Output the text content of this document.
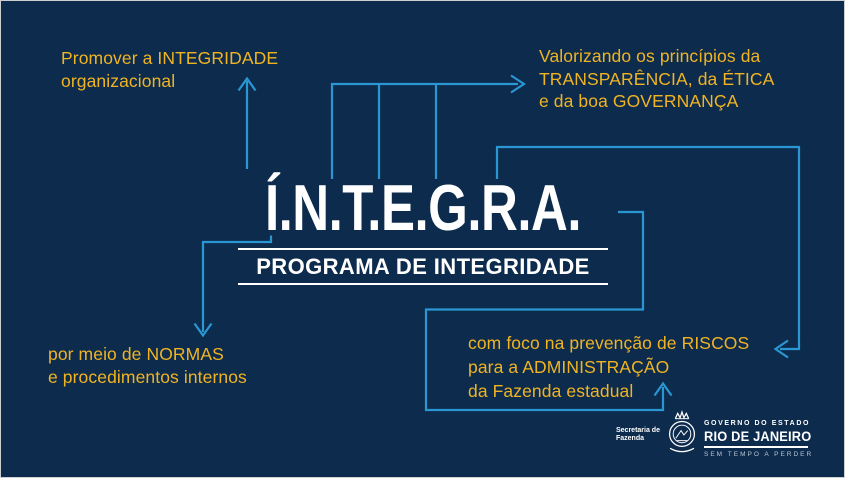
Promover a INTEGRIDADE
organizacional
Valorizando os princípios da
TRANSPARÊNCIA, da ÉTICA
e da boa GOVERNANÇA
por meio de NORMAS
e procedimentos internos
com foco na prevenção de RISCOS
para a ADMINISTRAÇÃO
da Fazenda estadual
Í.N.T.E.G.R.A.
PROGRAMA DE INTEGRIDADE
Secretaria de
Fazenda
GOVERNO DO ESTADO
RIO DE JANEIRO
SEM TEMPO A PERDER
